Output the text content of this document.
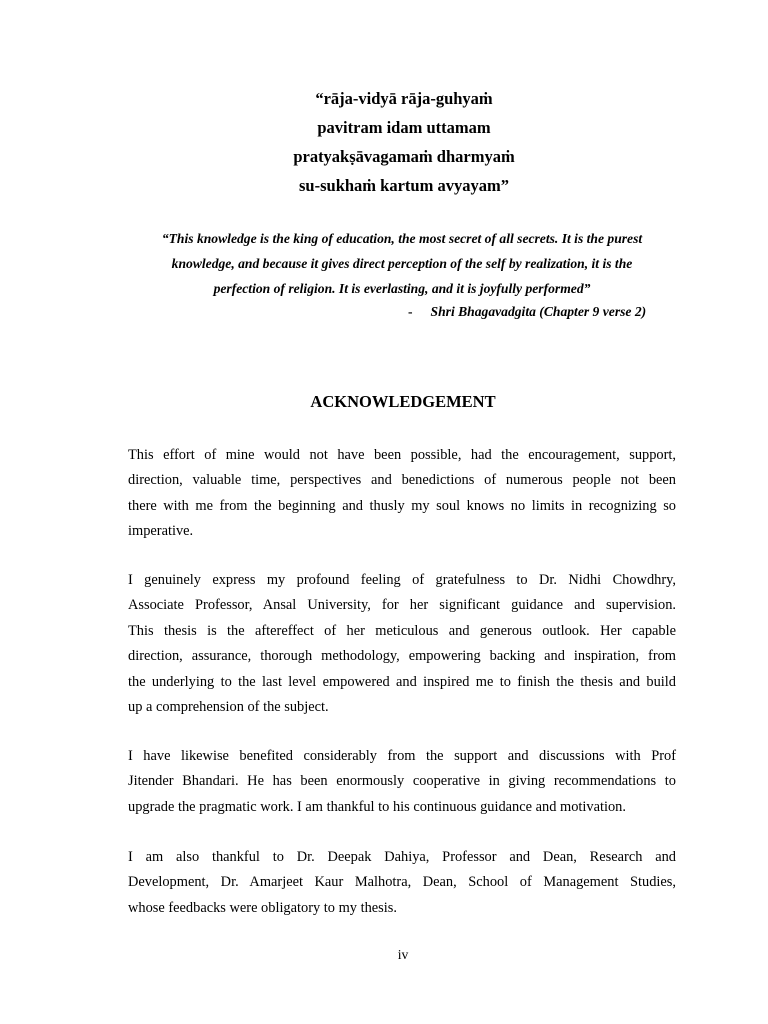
“rāja-vidyā rāja-guhyaṁ
pavitram idam uttamam
pratyakṣāvagamaṁ dharmyaṁ
su-sukhaṁ kartum avyayam”
“This knowledge is the king of education, the most secret of all secrets. It is the purest
knowledge, and because it gives direct perception of the self by realization, it is the
perfection of religion. It is everlasting, and it is joyfully performed”
- Shri Bhagavadgita (Chapter 9 verse 2)
ACKNOWLEDGEMENT
This effort of mine would not have been possible, had the encouragement, support,
direction, valuable time, perspectives and benedictions of numerous people not been
there with me from the beginning and thusly my soul knows no limits in recognizing so
imperative.
I genuinely express my profound feeling of gratefulness to Dr. Nidhi Chowdhry,
Associate Professor, Ansal University, for her significant guidance and supervision.
This thesis is the aftereffect of her meticulous and generous outlook. Her capable
direction, assurance, thorough methodology, empowering backing and inspiration, from
the underlying to the last level empowered and inspired me to finish the thesis and build
up a comprehension of the subject.
I have likewise benefited considerably from the support and discussions with Prof
Jitender Bhandari. He has been enormously cooperative in giving recommendations to
upgrade the pragmatic work. I am thankful to his continuous guidance and motivation.
I am also thankful to Dr. Deepak Dahiya, Professor and Dean, Research and
Development, Dr. Amarjeet Kaur Malhotra, Dean, School of Management Studies,
whose feedbacks were obligatory to my thesis.
iv
